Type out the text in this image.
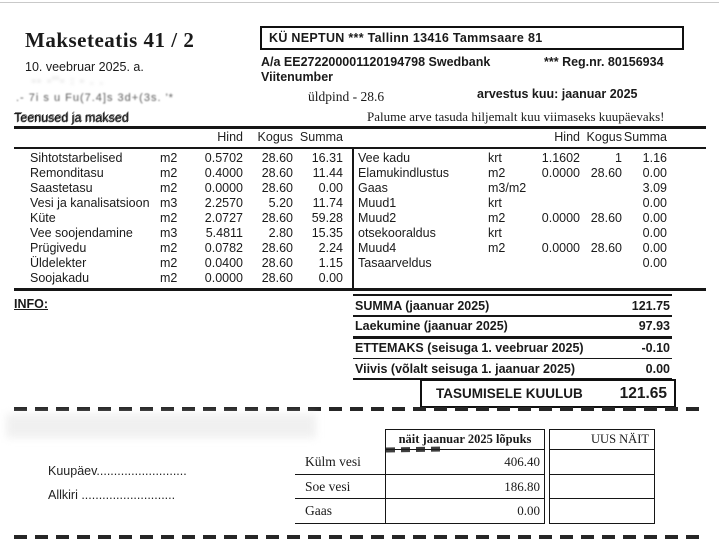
Makseteatis 41 / 2
10. veebruar 2025. a.
-- -''- : - . .
.- 7i s u Fu(7.4]s 3d+(3s. '*
Teenused ja maksed
KÜ NEPTUN *** Tallinn 13416 Tammsaare 81
A/a EE272200001120194798 Swedbank	*** Reg.nr. 80156934
Viitenumber
üldpind - 28.6	arvestus kuu: jaanuar 2025
Palume arve tasuda hiljemalt kuu viimaseks kuupäevaks!
Hind	Kogus Summa	Hind Kogus Summa
Sihtotstarbelised	m2	0.5702	28.60	16.31
Remonditasu	m2	0.4000	28.60	11.44
Saastetasu	m2	0.0000	28.60	0.00
Vesi ja kanalisatsioon m3	2.2570	5.20	11.74
Küte	m2	2.0727	28.60	59.28
Vee soojendamine	m3	5.4811	2.80	15.35
Prügivedu	m2	0.0782	28.60	2.24
Üldelekter	m2	0.0400	28.60	1.15
Soojakadu	m2	0.0000	28.60	0.00
Vee kadu	krt	1.1602	1	1.16
Elamukindlustus	m2	0.0000 28.60	0.00
Gaas	m3/m2	3.09
Muud1	krt	0.00
Muud2	m2	0.0000 28.60	0.00
otsekooraldus	krt	0.00
Muud4	m2	0.0000 28.60	0.00
Tasaarveldus	0.00
INFO:	SUMMA (jaanuar 2025)	121.75
Laekumine (jaanuar 2025)	97.93
ETTEMAKS (seisuga 1. veebruar 2025)	-0.10
Viivis (võlalt seisuga 1. jaanuar 2025)	0.00
TASUMISELE KUULUB 121.65
näit jaanuar 2025 lõpuks	UUS NÄIT
Külm vesi	406.40
Soe vesi	186.80
Gaas	0.00
Kuupäev..........................
Allkiri ...........................
